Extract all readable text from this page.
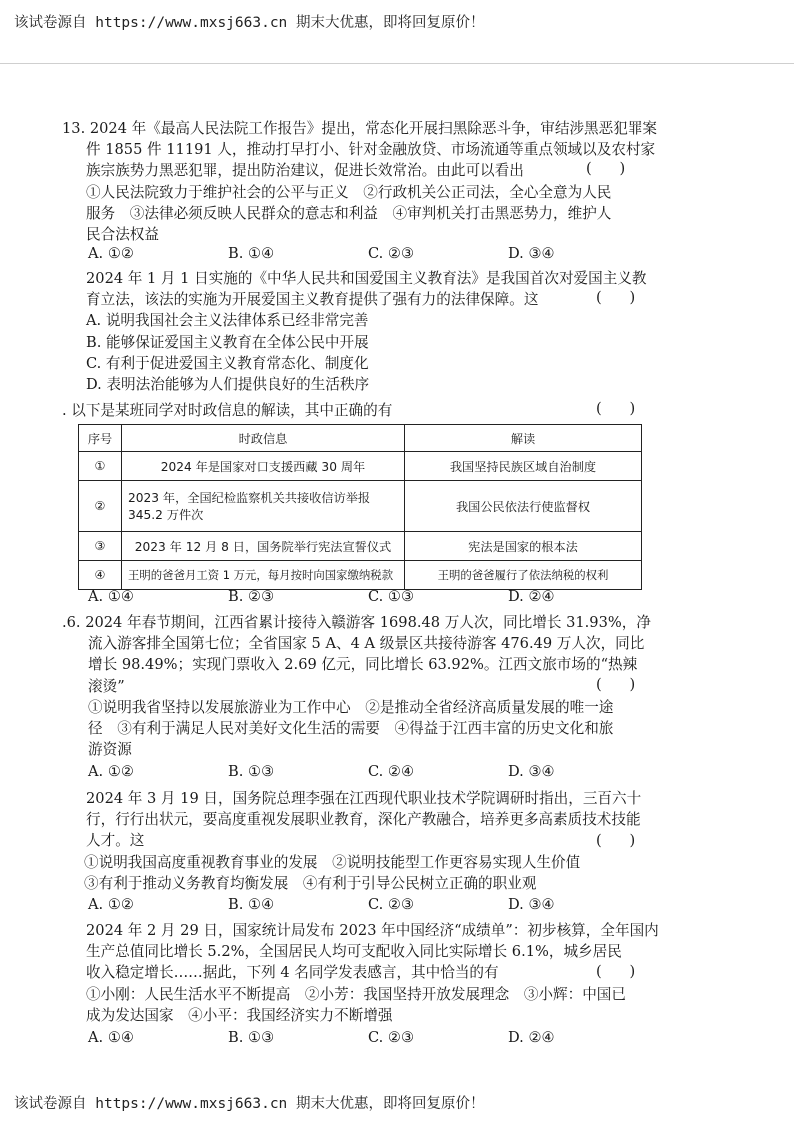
该试卷源自 https://www.mxsj663.cn 期末大优惠，即将回复原价！
13. 2024 年《最高人民法院工作报告》提出，常态化开展扫黑除恶斗争，审结涉黑恶犯罪案
件 1855 件 11191 人，推动打早打小、针对金融放贷、市场流通等重点领域以及农村家
族宗族势力黑恶犯罪，提出防治建议，促进长效常治。由此可以看出
①人民法院致力于维护社会的公平与正义　②行政机关公正司法，全心全意为人民
服务　③法律必须反映人民群众的意志和利益　④审判机关打击黑恶势力，维护人
民合法权益
(      )
A. ①②	B. ①④	C. ②③	D. ③④
2024 年 1 月 1 日实施的《中华人民共和国爱国主义教育法》是我国首次对爱国主义教
育立法，该法的实施为开展爱国主义教育提供了强有力的法律保障。这
A. 说明我国社会主义法律体系已经非常完善
B. 能够保证爱国主义教育在全体公民中开展
C. 有利于促进爱国主义教育常态化、制度化
D. 表明法治能够为人们提供良好的生活秩序
(      )
. 以下是某班同学对时政信息的解读，其中正确的有	(      )
序号	时政信息	解读
①	2024 年是国家对口支援西藏 30 周年	我国坚持民族区域自治制度
②	2023 年，全国纪检监察机关共接收信访举报 345.2 万件次	我国公民依法行使监督权
③	2023 年 12 月 8 日，国务院举行宪法宣誓仪式	宪法是国家的根本法
④	王明的爸爸月工资 1 万元，每月按时向国家缴纳税款	王明的爸爸履行了依法纳税的权利
A. ①④	B. ②③	C. ①③	D. ②④
.6. 2024 年春节期间，江西省累计接待入赣游客 1698.48 万人次，同比增长 31.93%，净
流入游客排全国第七位；全省国家 5 A、4 A 级景区共接待游客 476.49 万人次，同比
增长 98.49%；实现门票收入 2.69 亿元，同比增长 63.92%。江西文旅市场的“热辣
滚烫”
①说明我省坚持以发展旅游业为工作中心　②是推动全省经济高质量发展的唯一途
径　③有利于满足人民对美好文化生活的需要　④得益于江西丰富的历史文化和旅
游资源
(      )
A. ①②	B. ①③	C. ②④	D. ③④
2024 年 3 月 19 日，国务院总理李强在江西现代职业技术学院调研时指出，三百六十
行，行行出状元，要高度重视发展职业教育，深化产教融合，培养更多高素质技术技能
人才。这
①说明我国高度重视教育事业的发展　②说明技能型工作更容易实现人生价值
③有利于推动义务教育均衡发展　④有利于引导公民树立正确的职业观
(      )
A. ①②	B. ①④	C. ②③	D. ③④
2024 年 2 月 29 日，国家统计局发布 2023 年中国经济“成绩单”：初步核算，全年国内
生产总值同比增长 5.2%，全国居民人均可支配收入同比实际增长 6.1%，城乡居民
收入稳定增长……据此，下列 4 名同学发表感言，其中恰当的有
①小刚：人民生活水平不断提高　②小芳：我国坚持开放发展理念　③小辉：中国已
成为发达国家　④小平：我国经济实力不断增强
(      )
A. ①④	B. ①③	C. ②③	D. ②④
该试卷源自 https://www.mxsj663.cn 期末大优惠，即将回复原价！
